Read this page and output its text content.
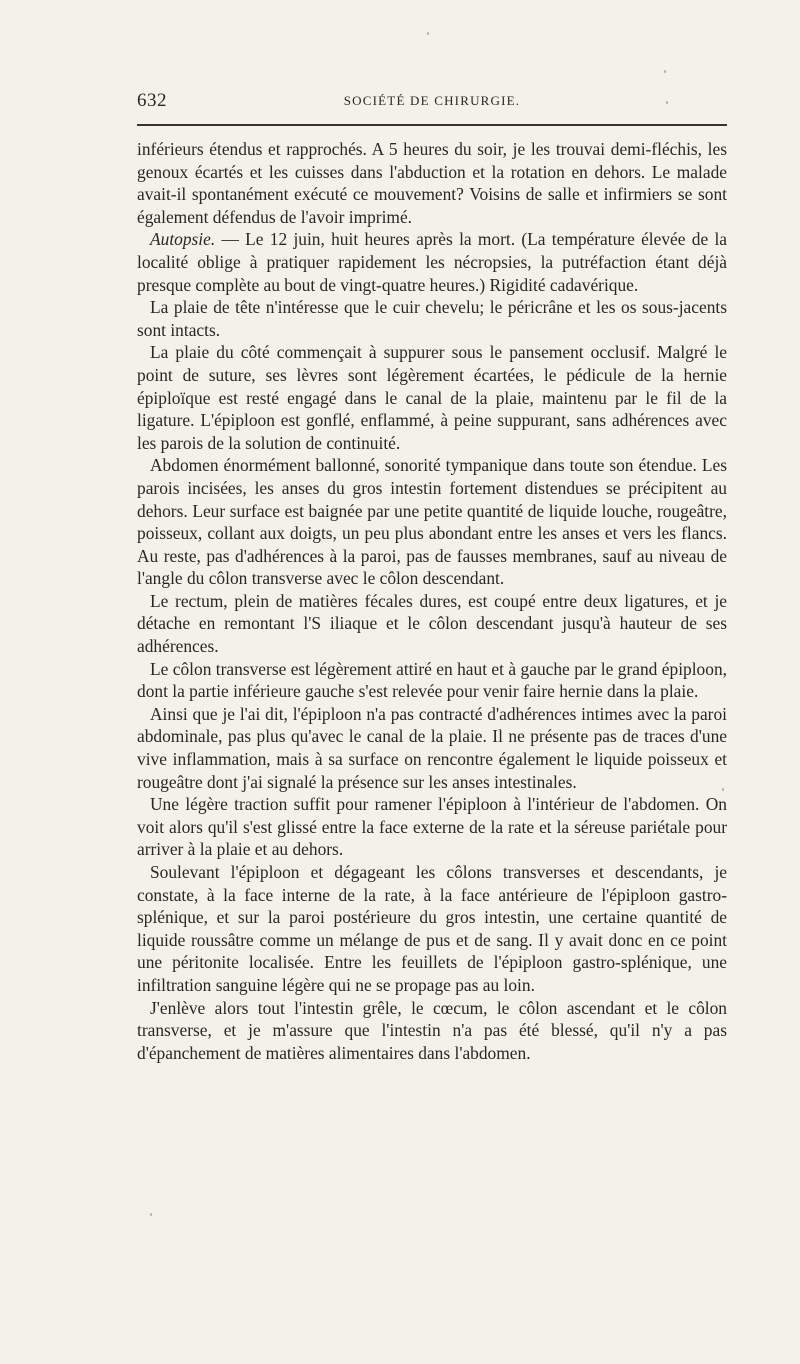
632	SOCIÉTÉ DE CHIRURGIE.

inférieurs étendus et rapprochés. A 5 heures du soir, je les trouvai demi-fléchis, les genoux écartés et les cuisses dans l'abduction et la rotation en dehors. Le malade avait-il spontanément exécuté ce mouvement? Voisins de salle et infirmiers se sont également défendus de l'avoir imprimé.

Autopsie. — Le 12 juin, huit heures après la mort. (La température élevée de la localité oblige à pratiquer rapidement les nécropsies, la putréfaction étant déjà presque complète au bout de vingt-quatre heures.) Rigidité cadavérique.

La plaie de tête n'intéresse que le cuir chevelu; le péricrâne et les os sous-jacents sont intacts.

La plaie du côté commençait à suppurer sous le pansement occlusif. Malgré le point de suture, ses lèvres sont légèrement écartées, le pédicule de la hernie épiploïque est resté engagé dans le canal de la plaie, maintenu par le fil de la ligature. L'épiploon est gonflé, enflammé, à peine suppurant, sans adhérences avec les parois de la solution de continuité.

Abdomen énormément ballonné, sonorité tympanique dans toute son étendue. Les parois incisées, les anses du gros intestin fortement distendues se précipitent au dehors. Leur surface est baignée par une petite quantité de liquide louche, rougeâtre, poisseux, collant aux doigts, un peu plus abondant entre les anses et vers les flancs. Au reste, pas d'adhérences à la paroi, pas de fausses membranes, sauf au niveau de l'angle du côlon transverse avec le côlon descendant.

Le rectum, plein de matières fécales dures, est coupé entre deux ligatures, et je détache en remontant l'S iliaque et le côlon descendant jusqu'à hauteur de ses adhérences.

Le côlon transverse est légèrement attiré en haut et à gauche par le grand épiploon, dont la partie inférieure gauche s'est relevée pour venir faire hernie dans la plaie.

Ainsi que je l'ai dit, l'épiploon n'a pas contracté d'adhérences intimes avec la paroi abdominale, pas plus qu'avec le canal de la plaie. Il ne présente pas de traces d'une vive inflammation, mais à sa surface on rencontre également le liquide poisseux et rougeâtre dont j'ai signalé la présence sur les anses intestinales.

Une légère traction suffit pour ramener l'épiploon à l'intérieur de l'abdomen. On voit alors qu'il s'est glissé entre la face externe de la rate et la séreuse pariétale pour arriver à la plaie et au dehors.

Soulevant l'épiploon et dégageant les côlons transverses et descendants, je constate, à la face interne de la rate, à la face antérieure de l'épiploon gastro-splénique, et sur la paroi postérieure du gros intestin, une certaine quantité de liquide roussâtre comme un mélange de pus et de sang. Il y avait donc en ce point une péritonite localisée. Entre les feuillets de l'épiploon gastro-splénique, une infiltration sanguine légère qui ne se propage pas au loin.

J'enlève alors tout l'intestin grêle, le cœcum, le côlon ascendant et le côlon transverse, et je m'assure que l'intestin n'a pas été blessé, qu'il n'y a pas d'épanchement de matières alimentaires dans l'abdomen.
